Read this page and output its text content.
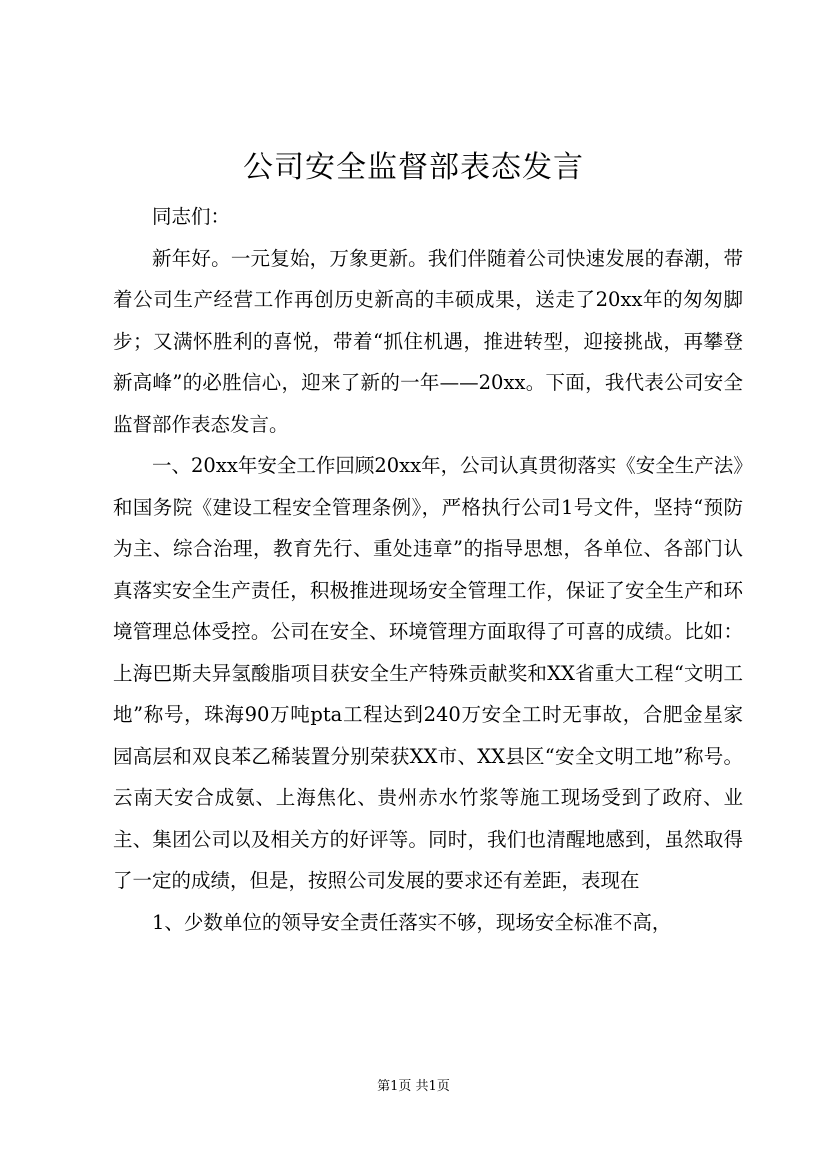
公司安全监督部表态发言

同志们：

新年好。一元复始，万象更新。我们伴随着公司快速发展的春潮，带着公司生产经营工作再创历史新高的丰硕成果，送走了20xx年的匆匆脚步；又满怀胜利的喜悦，带着“抓住机遇，推进转型，迎接挑战，再攀登新高峰”的必胜信心，迎来了新的一年——20xx。下面，我代表公司安全监督部作表态发言。

一、20xx年安全工作回顾20xx年，公司认真贯彻落实《安全生产法》和国务院《建设工程安全管理条例》，严格执行公司1号文件，坚持“预防为主、综合治理，教育先行、重处违章”的指导思想，各单位、各部门认真落实安全生产责任，积极推进现场安全管理工作，保证了安全生产和环境管理总体受控。公司在安全、环境管理方面取得了可喜的成绩。比如：上海巴斯夫异氢酸脂项目获安全生产特殊贡献奖和XX省重大工程“文明工地”称号，珠海90万吨pta工程达到240万安全工时无事故，合肥金星家园高层和双良苯乙稀装置分别荣获XX市、XX县区“安全文明工地”称号。云南天安合成氨、上海焦化、贵州赤水竹浆等施工现场受到了政府、业主、集团公司以及相关方的好评等。同时，我们也清醒地感到，虽然取得了一定的成绩，但是，按照公司发展的要求还有差距，表现在

1、少数单位的领导安全责任落实不够，现场安全标准不高，

第1页 共1页
